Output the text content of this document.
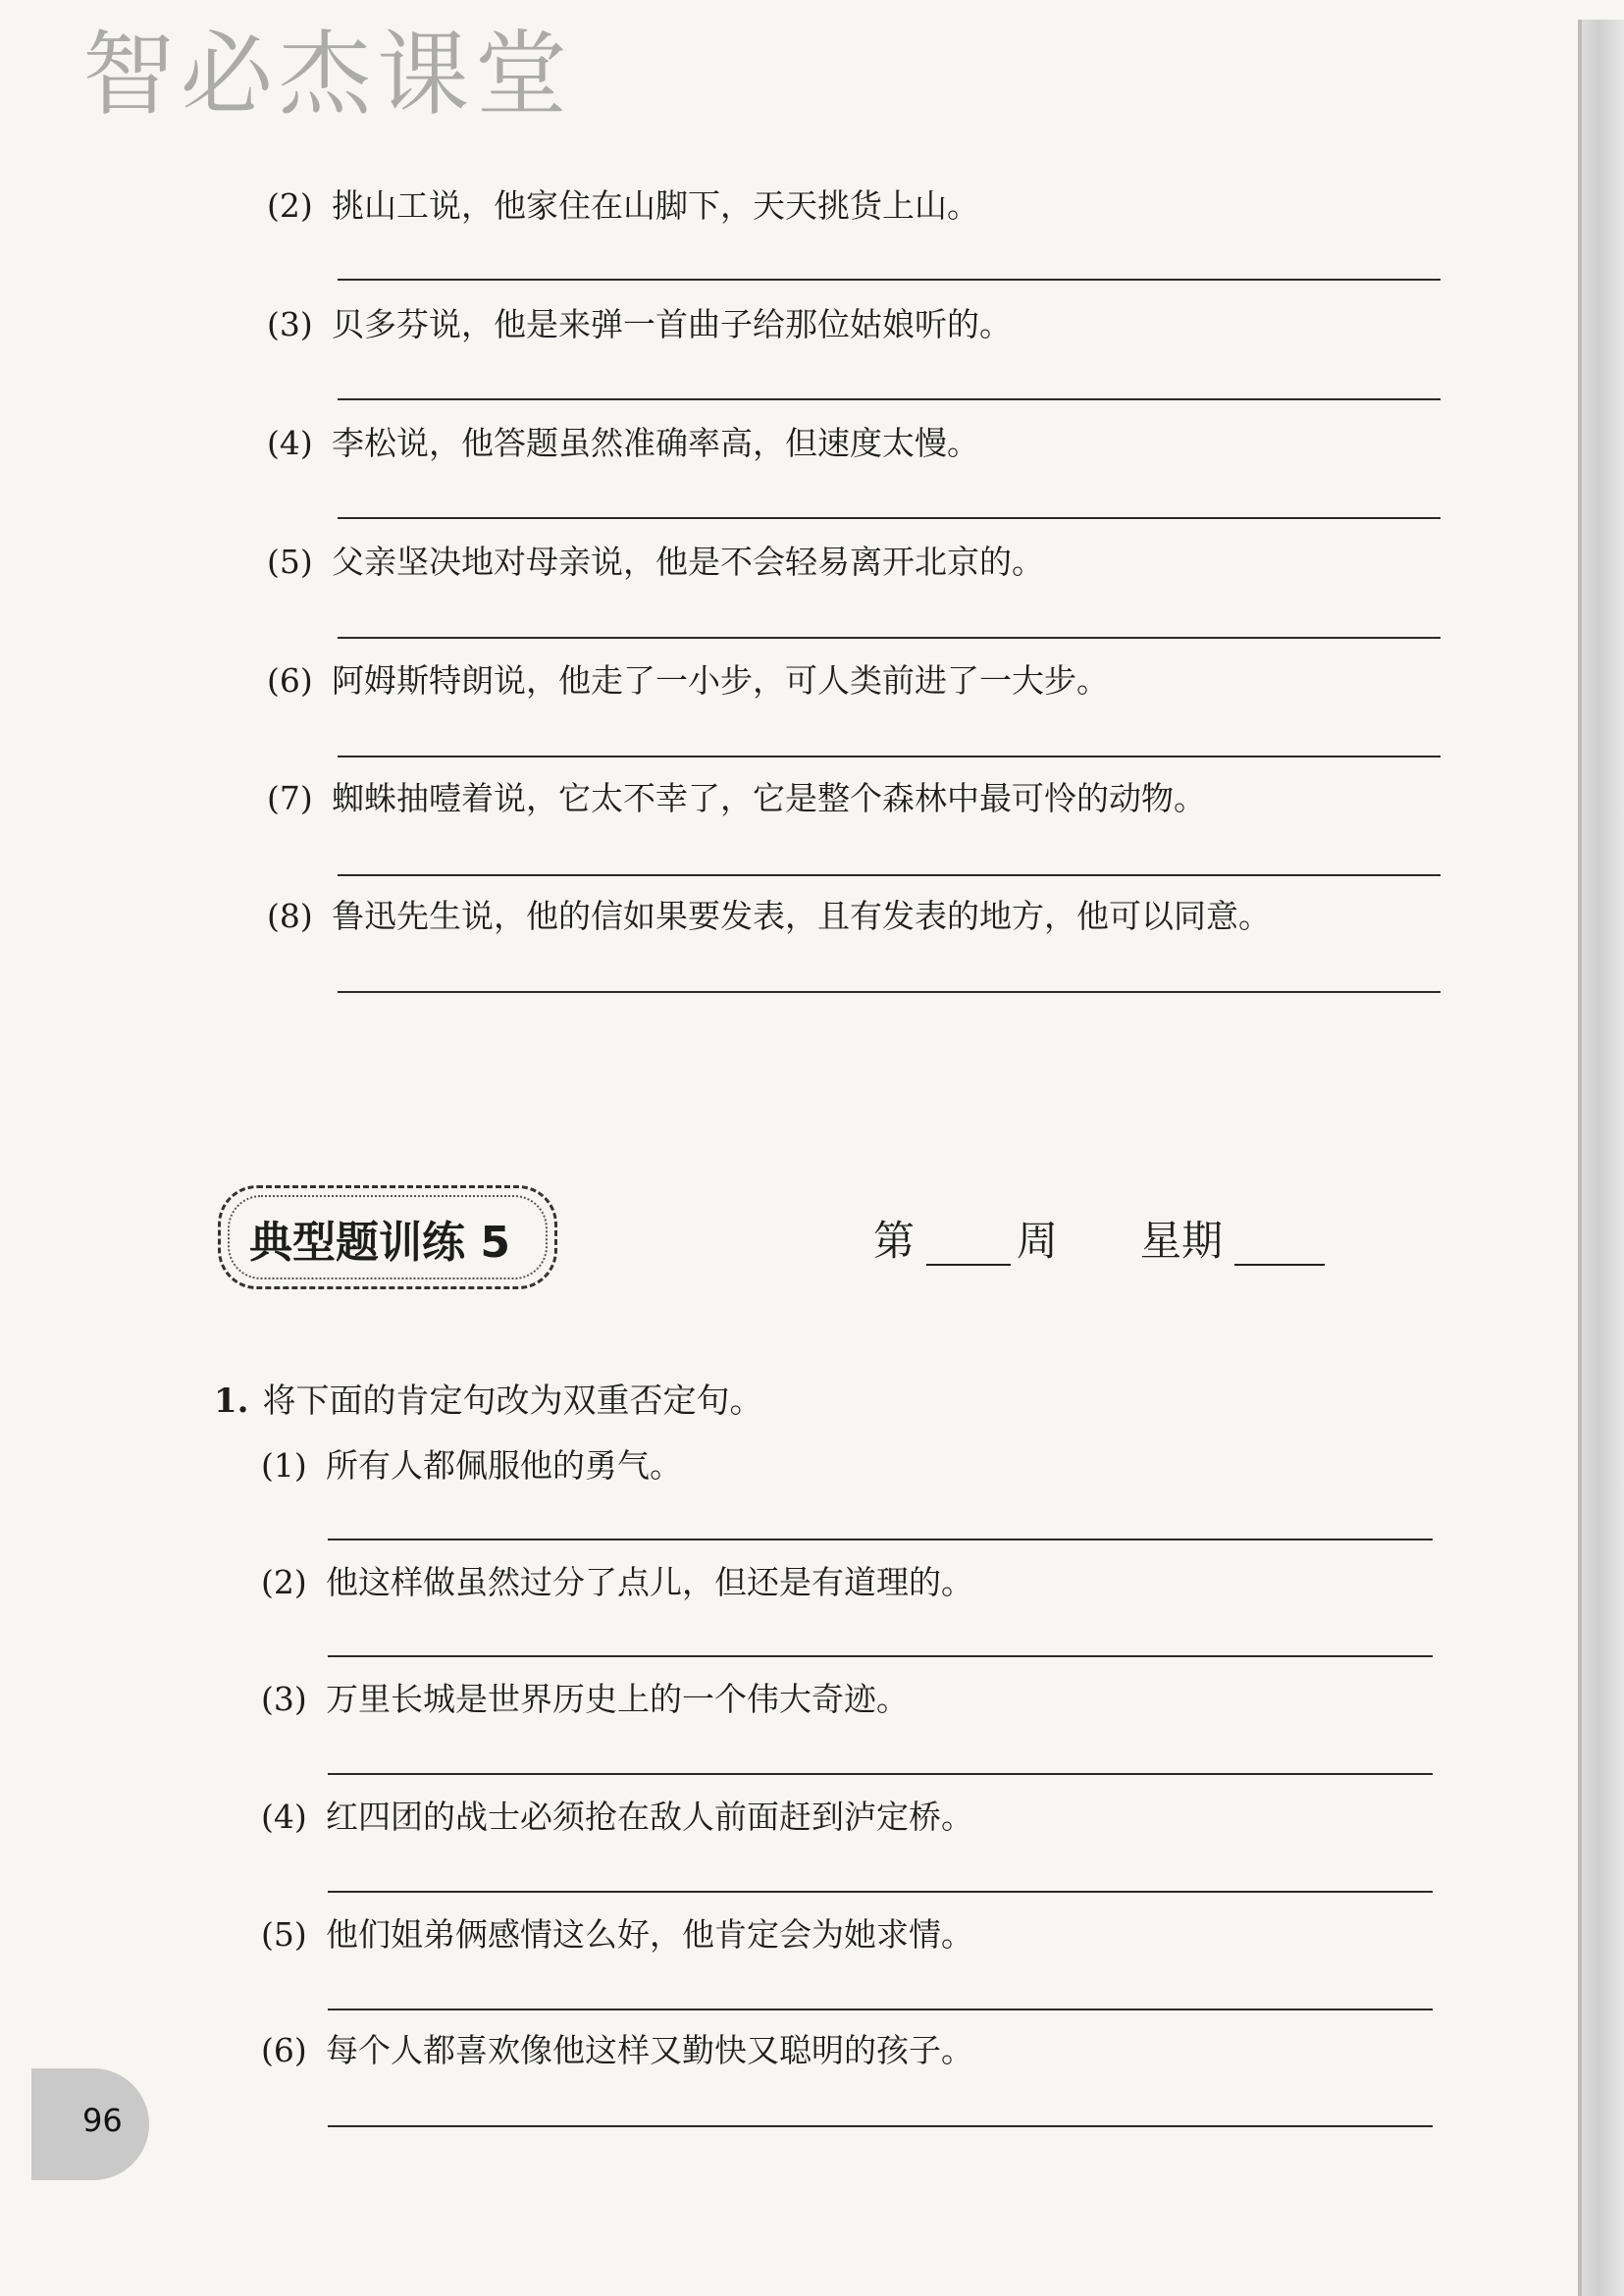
智必杰课堂
(2) 挑山工说，他家住在山脚下，天天挑货上山。
(3) 贝多芬说，他是来弹一首曲子给那位姑娘听的。
(4) 李松说，他答题虽然准确率高，但速度太慢。
(5) 父亲坚决地对母亲说，他是不会轻易离开北京的。
(6) 阿姆斯特朗说，他走了一小步，可人类前进了一大步。
(7) 蜘蛛抽噎着说，它太不幸了，它是整个森林中最可怜的动物。
(8) 鲁迅先生说，他的信如果要发表，且有发表的地方，他可以同意。
典型题训练 5	第 周 星期
1. 将下面的肯定句改为双重否定句。
(1) 所有人都佩服他的勇气。
(2) 他这样做虽然过分了点儿，但还是有道理的。
(3) 万里长城是世界历史上的一个伟大奇迹。
(4) 红四团的战士必须抢在敌人前面赶到泸定桥。
(5) 他们姐弟俩感情这么好，他肯定会为她求情。
(6) 每个人都喜欢像他这样又勤快又聪明的孩子。
96
